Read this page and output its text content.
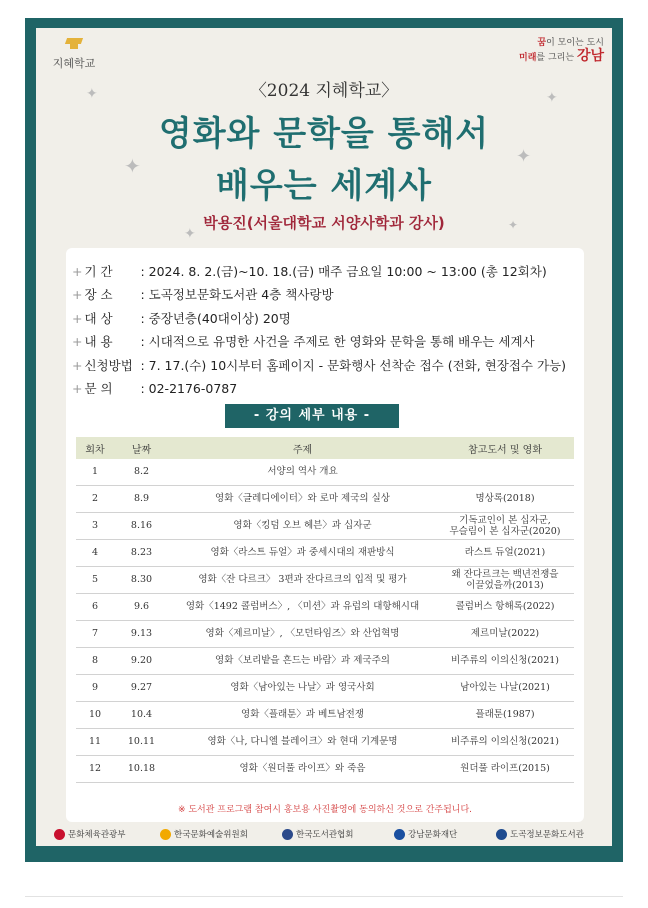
지혜학교
꿈이 모이는 도시
미래를 그리는 강남
✦	✦
✦	✦
✦
✦
〈2024 지혜학교〉
영화와 문학을 통해서
배우는 세계사
박용진(서울대학교 서양사학과 강사)
+ 기 간 : 2024. 8. 2.(금)~10. 18.(금) 매주 금요일 10:00 ~ 13:00 (총 12회차)
+ 장 소 : 도곡정보문화도서관 4층 책사랑방
+ 대 상 : 중장년층(40대이상) 20명
+ 내 용 : 시대적으로 유명한 사건을 주제로 한 영화와 문학을 통해 배우는 세계사
+ 신청방법 : 7. 17.(수) 10시부터 홈페이지 - 문화행사 선착순 접수 (전화, 현장접수 가능)
+ 문 의 : 02-2176-0787
- 강의 세부 내용 -
회차	날짜	주제	참고도서 및 영화
1	8.2	서양의 역사 개요	
2	8.9	영화〈글레디에이터〉와 로마 제국의 실상	명상록(2018)
3	8.16	영화〈킹덤 오브 헤븐〉과 십자군	기독교인이 본 십자군,
무슬림이 본 십자군(2020)
4	8.23	영화〈라스트 듀얼〉과 중세시대의 재판방식	라스트 듀얼(2021)
5	8.30	영화〈잔 다르크〉 3편과 잔다르크의 입적 및 평가	왜 잔다르크는 백년전쟁을
이끌었을까(2013)
6	9.6	영화〈1492 콜럼버스〉, 〈미션〉과 유럽의 대항해시대	콜럼버스 항해록(2022)
7	9.13	영화〈제르미날〉, 〈모던타임즈〉와 산업혁명	제르미날(2022)
8	9.20	영화〈보리밭을 흔드는 바람〉과 제국주의	비주류의 이의신청(2021)
9	9.27	영화〈남아있는 나날〉과 영국사회	남아있는 나날(2021)
10	10.4	영화〈플래툰〉과 베트남전쟁	플래툰(1987)
11	10.11	영화〈나, 다니엘 블레이크〉와 현대 기계문명	비주류의 이의신청(2021)
12	10.18	영화〈원더풀 라이프〉와 죽음	원더풀 라이프(2015)
※ 도서관 프로그램 참여시 홍보용 사진촬영에 동의하신 것으로 간주됩니다.
문화체육관광부	한국문화예술위원회	한국도서관협회	강남문화재단	도곡정보문화도서관
